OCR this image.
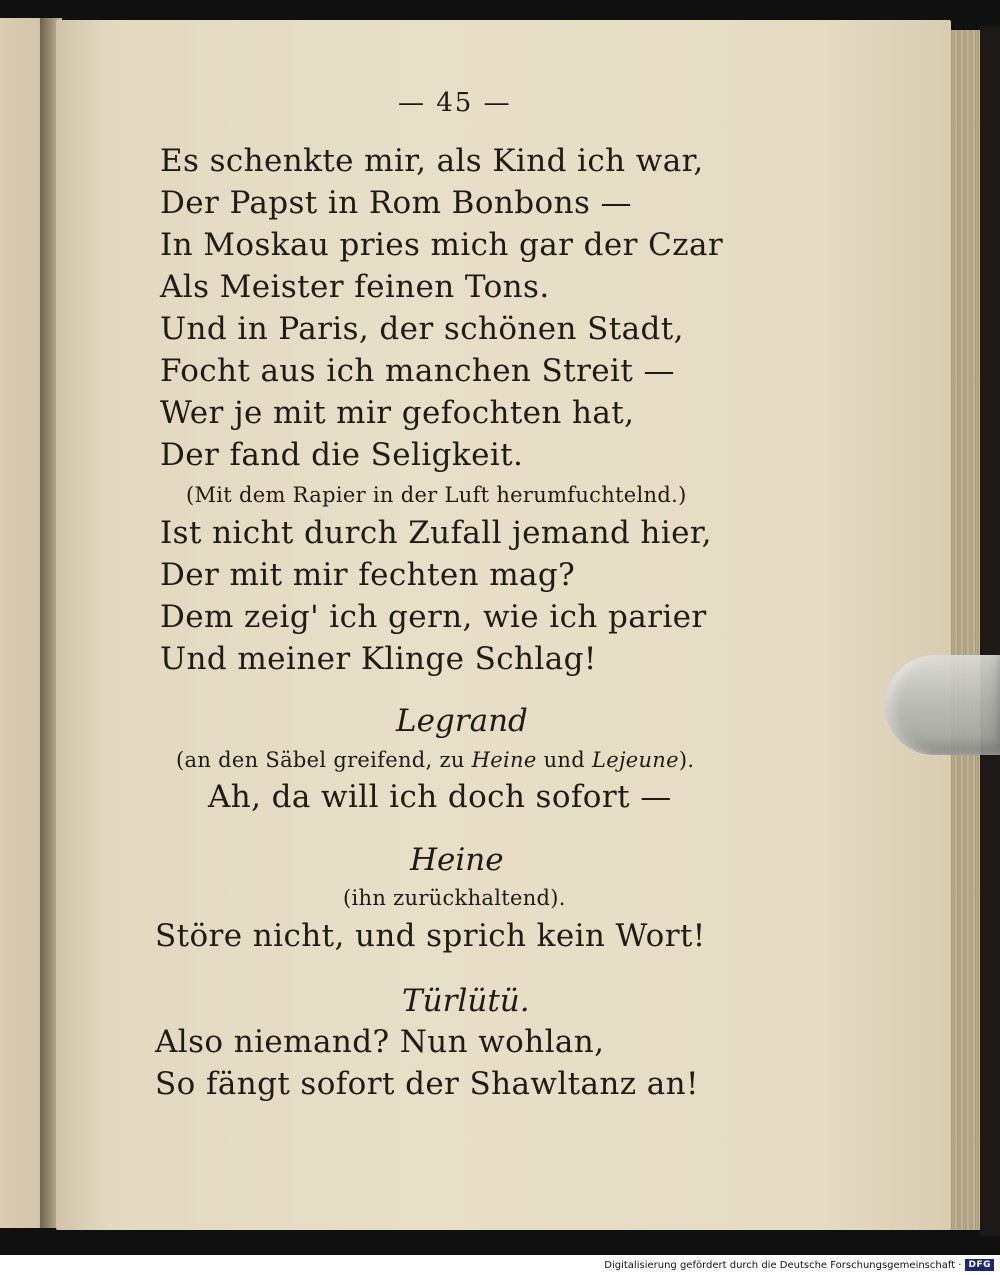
— 45 —
Es schenkte mir, als Kind ich war,
Der Papst in Rom Bonbons —
In Moskau pries mich gar der Czar
Als Meister feinen Tons.
Und in Paris, der schönen Stadt,
Focht aus ich manchen Streit —
Wer je mit mir gefochten hat,
Der fand die Seligkeit.
(Mit dem Rapier in der Luft herumfuchtelnd.)
Ist nicht durch Zufall jemand hier,
Der mit mir fechten mag?
Dem zeig' ich gern, wie ich parier
Und meiner Klinge Schlag!
Legrand
(an den Säbel greifend, zu Heine und Lejeune).
Ah, da will ich doch sofort —
Heine
(ihn zurückhaltend).
Störe nicht, und sprich kein Wort!
Türlütü.
Also niemand? Nun wohlan,
So fängt sofort der Shawltanz an!
Digitalisierung gefördert durch die Deutsche Forschungsgemeinschaft · DFG
